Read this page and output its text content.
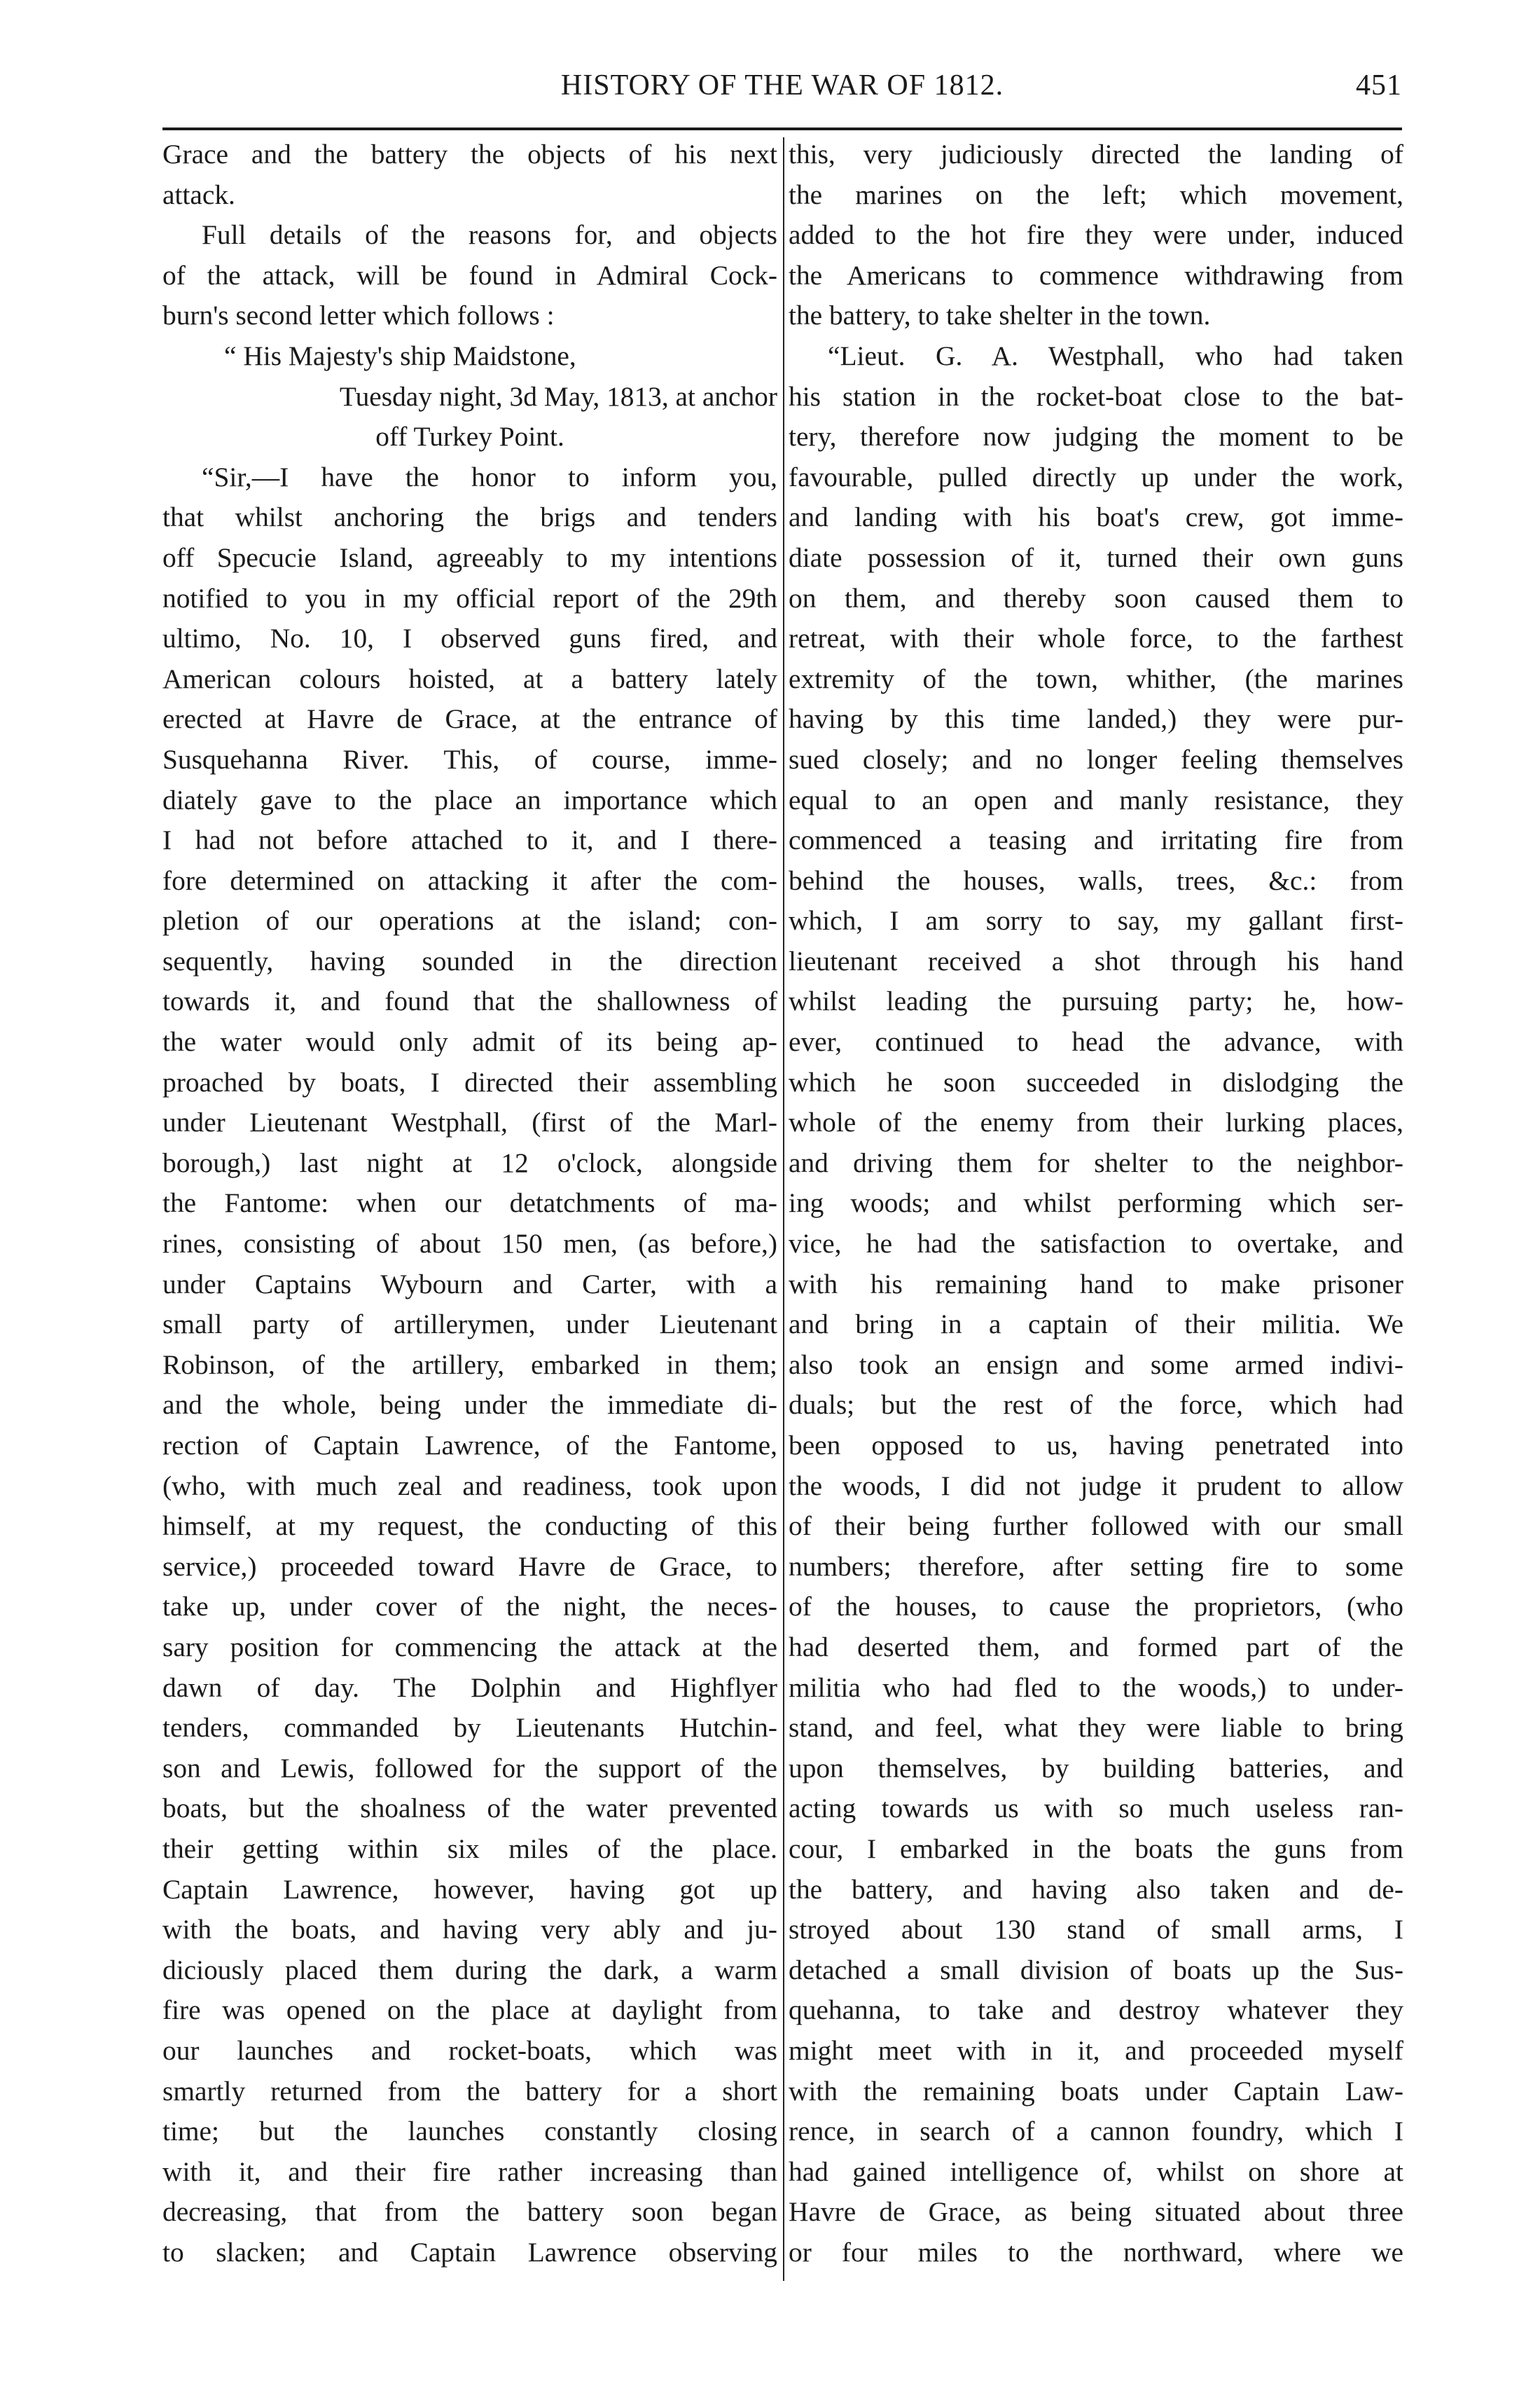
HISTORY OF THE WAR OF 1812.	451
Grace and the battery the objects of his next
attack.
Full details of the reasons for, and objects
of the attack, will be found in Admiral Cock-
burn's second letter which follows :
“ His Majesty's ship Maidstone,
Tuesday night, 3d May, 1813, at anchor
off Turkey Point.
“Sir,—I have the honor to inform you,
that whilst anchoring the brigs and tenders
off Specucie Island, agreeably to my intentions
notified to you in my official report of the 29th
ultimo, No. 10, I observed guns fired, and
American colours hoisted, at a battery lately
erected at Havre de Grace, at the entrance of
Susquehanna River. This, of course, imme-
diately gave to the place an importance which
I had not before attached to it, and I there-
fore determined on attacking it after the com-
pletion of our operations at the island; con-
sequently, having sounded in the direction
towards it, and found that the shallowness of
the water would only admit of its being ap-
proached by boats, I directed their assembling
under Lieutenant Westphall, (first of the Marl-
borough,) last night at 12 o'clock, alongside
the Fantome: when our detatchments of ma-
rines, consisting of about 150 men, (as before,)
under Captains Wybourn and Carter, with a
small party of artillerymen, under Lieutenant
Robinson, of the artillery, embarked in them;
and the whole, being under the immediate di-
rection of Captain Lawrence, of the Fantome,
(who, with much zeal and readiness, took upon
himself, at my request, the conducting of this
service,) proceeded toward Havre de Grace, to
take up, under cover of the night, the neces-
sary position for commencing the attack at the
dawn of day. The Dolphin and Highflyer
tenders, commanded by Lieutenants Hutchin-
son and Lewis, followed for the support of the
boats, but the shoalness of the water prevented
their getting within six miles of the place.
Captain Lawrence, however, having got up
with the boats, and having very ably and ju-
diciously placed them during the dark, a warm
fire was opened on the place at daylight from
our launches and rocket-boats, which was
smartly returned from the battery for a short
time; but the launches constantly closing
with it, and their fire rather increasing than
decreasing, that from the battery soon began
to slacken; and Captain Lawrence observing
this, very judiciously directed the landing of
the marines on the left; which movement,
added to the hot fire they were under, induced
the Americans to commence withdrawing from
the battery, to take shelter in the town.
“Lieut. G. A. Westphall, who had taken
his station in the rocket-boat close to the bat-
tery, therefore now judging the moment to be
favourable, pulled directly up under the work,
and landing with his boat's crew, got imme-
diate possession of it, turned their own guns
on them, and thereby soon caused them to
retreat, with their whole force, to the farthest
extremity of the town, whither, (the marines
having by this time landed,) they were pur-
sued closely; and no longer feeling themselves
equal to an open and manly resistance, they
commenced a teasing and irritating fire from
behind the houses, walls, trees, &c.: from
which, I am sorry to say, my gallant first-
lieutenant received a shot through his hand
whilst leading the pursuing party; he, how-
ever, continued to head the advance, with
which he soon succeeded in dislodging the
whole of the enemy from their lurking places,
and driving them for shelter to the neighbor-
ing woods; and whilst performing which ser-
vice, he had the satisfaction to overtake, and
with his remaining hand to make prisoner
and bring in a captain of their militia. We
also took an ensign and some armed indivi-
duals; but the rest of the force, which had
been opposed to us, having penetrated into
the woods, I did not judge it prudent to allow
of their being further followed with our small
numbers; therefore, after setting fire to some
of the houses, to cause the proprietors, (who
had deserted them, and formed part of the
militia who had fled to the woods,) to under-
stand, and feel, what they were liable to bring
upon themselves, by building batteries, and
acting towards us with so much useless ran-
cour, I embarked in the boats the guns from
the battery, and having also taken and de-
stroyed about 130 stand of small arms, I
detached a small division of boats up the Sus-
quehanna, to take and destroy whatever they
might meet with in it, and proceeded myself
with the remaining boats under Captain Law-
rence, in search of a cannon foundry, which I
had gained intelligence of, whilst on shore at
Havre de Grace, as being situated about three
or four miles to the northward, where we
